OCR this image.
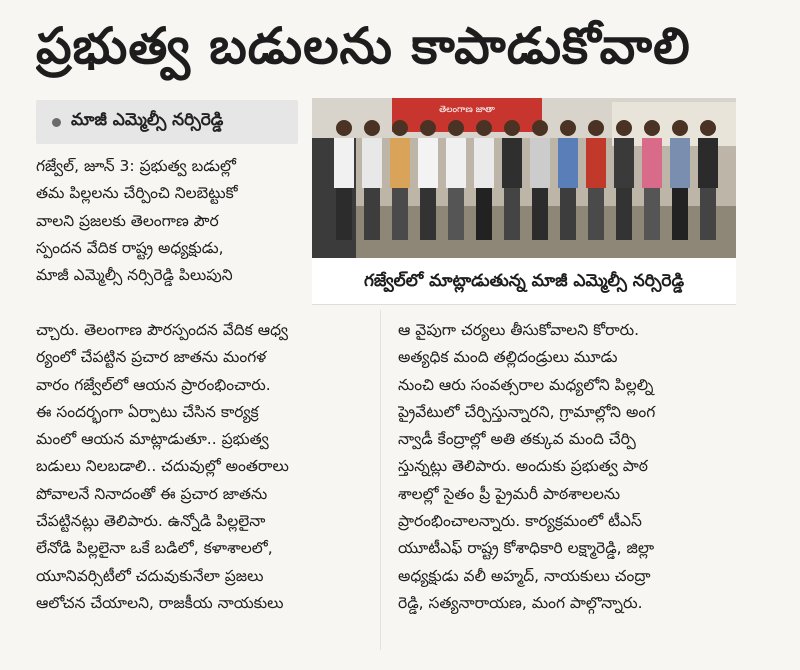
ప్రభుత్వ బడులను కాపాడుకోవాలి
మాజీ ఎమ్మెల్సీ నర్సిరెడ్డి	తెలంగాణ జాతా
గజ్వేల్‌లో మాట్లాడుతున్న మాజీ ఎమ్మెల్సీ నర్సిరెడ్డి
గజ్వేల్, జూన్ 3: ప్రభుత్వ బడుల్లో
తమ పిల్లలను చేర్పించి నిలబెట్టుకో
వాలని ప్రజలకు తెలంగాణ పౌర
స్పందన వేదిక రాష్ట్ర అధ్యక్షుడు,
మాజీ ఎమ్మెల్సీ నర్సిరెడ్డి పిలుపుని
చ్చారు. తెలంగాణ పౌరస్పందన వేదిక ఆధ్వ
ర్యంలో చేపట్టిన ప్రచార జాతను మంగళ
వారం గజ్వేల్‌లో ఆయన ప్రారంభించారు.
ఈ సందర్భంగా ఏర్పాటు చేసిన కార్యక్ర
మంలో ఆయన మాట్లాడుతూ.. ప్రభుత్వ
బడులు నిలబడాలి.. చదువుల్లో అంతరాలు
పోవాలనే నినాదంతో ఈ ప్రచార జాతను
చేపట్టినట్లు తెలిపారు. ఉన్నోడి పిల్లలైనా
లేనోడి పిల్లలైనా ఒకే బడిలో, కళాశాలలో,
యూనివర్సిటీలో చదువుకునేలా ప్రజలు
ఆలోచన చేయాలని, రాజకీయ నాయకులు
ఆ వైపుగా చర్యలు తీసుకోవాలని కోరారు.
అత్యధిక మంది తల్లిదండ్రులు మూడు
నుంచి ఆరు సంవత్సరాల మధ్యలోని పిల్లల్ని
ప్రైవేటులో చేర్పిస్తున్నారని, గ్రామాల్లోని అంగ
న్వాడీ కేంద్రాల్లో అతి తక్కువ మంది చేర్పి
స్తున్నట్లు తెలిపారు. అందుకు ప్రభుత్వ పాఠ
శాలల్లో సైతం ప్రీ ప్రైమరీ పాఠశాలలను
ప్రారంభించాలన్నారు. కార్యక్రమంలో టీఎస్
యూటీఎఫ్ రాష్ట్ర కోశాధికారి లక్ష్మారెడ్డి, జిల్లా
అధ్యక్షుడు వలీ అహ్మద్, నాయకులు చంద్రా
రెడ్డి, సత్యనారాయణ, మంగ పాల్గొన్నారు.
